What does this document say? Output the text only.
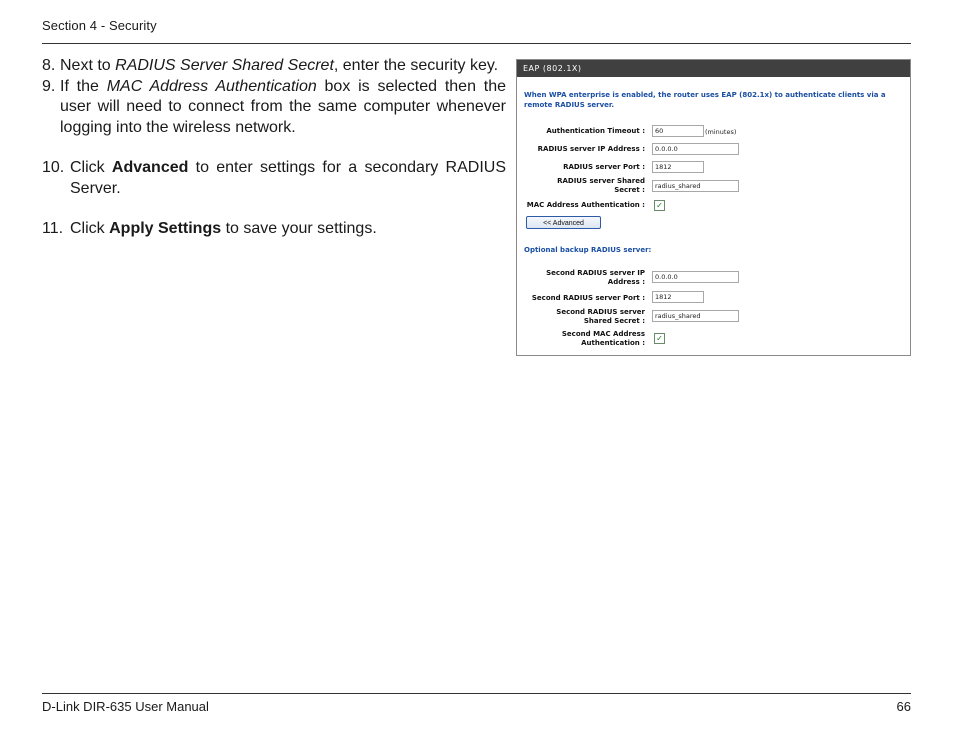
Section 4 - Security
8. Next to RADIUS Server Shared Secret, enter the security key.
9. If the MAC Address Authentication box is selected then the user will need to connect from the same computer whenever logging into the wireless network.
10. Click Advanced to enter settings for a secondary RADIUS Server.
11. Click Apply Settings to save your settings.
EAP (802.1X)
When WPA enterprise is enabled, the router uses EAP (802.1x) to authenticate clients via a remote RADIUS server.
Authentication Timeout :	60	(minutes)
RADIUS server IP Address :	0.0.0.0
RADIUS server Port :	1812
RADIUS server Shared
Secret :	radius_shared
MAC Address Authentication : ✓
<< Advanced
Optional backup RADIUS server:
Second RADIUS server IP
Address :
0.0.0.0
Second RADIUS server Port :	1812
Second RADIUS server
Shared Secret :
radius_shared
Second MAC Address
Authentication : ✓
D-Link DIR-635 User Manual	66
